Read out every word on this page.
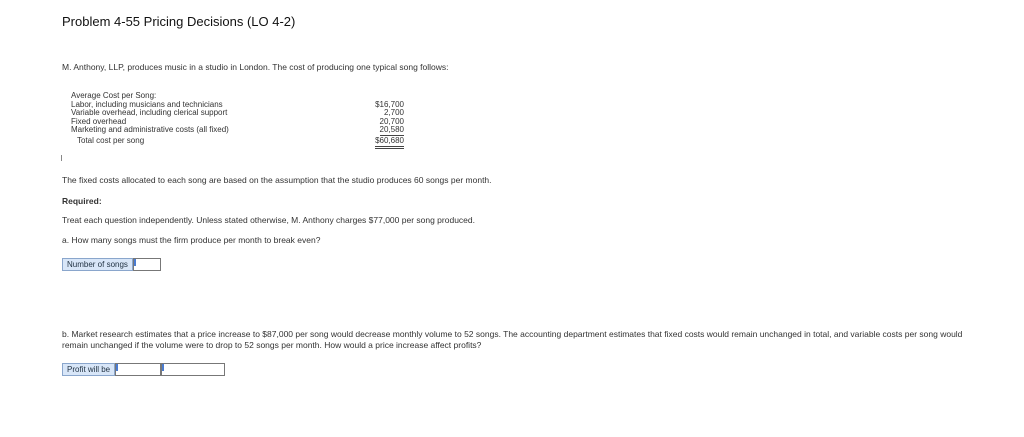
Problem 4-55 Pricing Decisions (LO 4-2)
M. Anthony, LLP, produces music in a studio in London. The cost of producing one typical song follows:
Average Cost per Song:
Labor, including musicians and technicians	$16,700
Variable overhead, including clerical support	2,700
Fixed overhead	20,700
Marketing and administrative costs (all fixed)	20,580
Total cost per song	$60,680
The fixed costs allocated to each song are based on the assumption that the studio produces 60 songs per month.
Required:
Treat each question independently. Unless stated otherwise, M. Anthony charges $77,000 per song produced.
a. How many songs must the firm produce per month to break even?
Number of songs
b. Market research estimates that a price increase to $87,000 per song would decrease monthly volume to 52 songs. The accounting department estimates that fixed costs would remain unchanged in total, and variable costs per song would
remain unchanged if the volume were to drop to 52 songs per month. How would a price increase affect profits?
Profit will be
